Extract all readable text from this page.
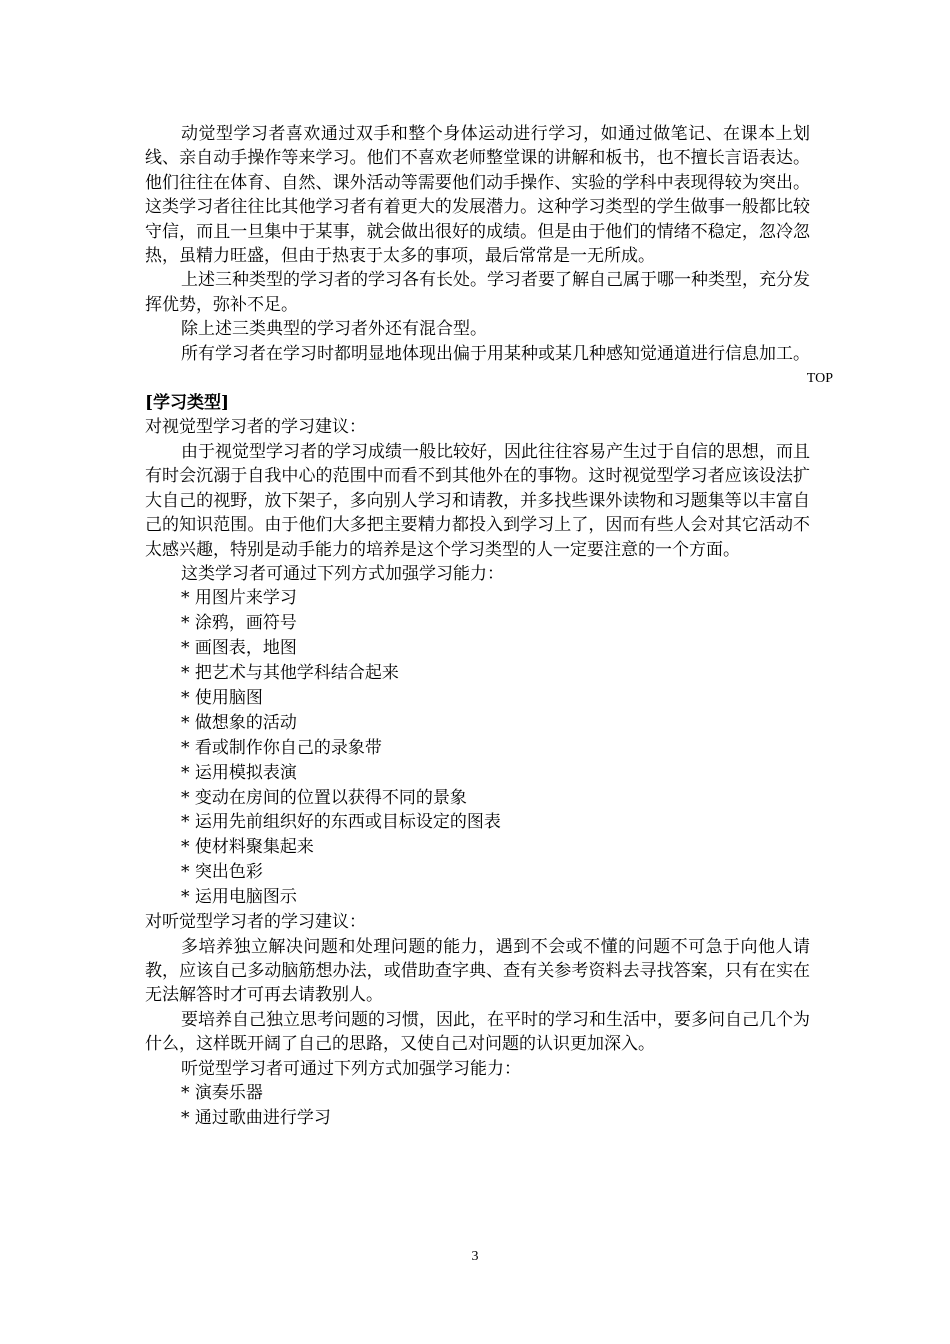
动觉型学习者喜欢通过双手和整个身体运动进行学习，如通过做笔记、在课本上划线、亲自动手操作等来学习。他们不喜欢老师整堂课的讲解和板书，也不擅长言语表达。他们往往在体育、自然、课外活动等需要他们动手操作、实验的学科中表现得较为突出。这类学习者往往比其他学习者有着更大的发展潜力。这种学习类型的学生做事一般都比较守信，而且一旦集中于某事，就会做出很好的成绩。但是由于他们的情绪不稳定，忽冷忽热，虽精力旺盛，但由于热衷于太多的事项，最后常常是一无所成。

上述三种类型的学习者的学习各有长处。学习者要了解自己属于哪一种类型，充分发挥优势，弥补不足。

除上述三类典型的学习者外还有混合型。

所有学习者在学习时都明显地体现出偏于用某种或某几种感知觉通道进行信息加工。

TOP

[学习类型]

对视觉型学习者的学习建议：

由于视觉型学习者的学习成绩一般比较好，因此往往容易产生过于自信的思想，而且有时会沉溺于自我中心的范围中而看不到其他外在的事物。这时视觉型学习者应该设法扩大自己的视野，放下架子，多向别人学习和请教，并多找些课外读物和习题集等以丰富自己的知识范围。由于他们大多把主要精力都投入到学习上了，因而有些人会对其它活动不太感兴趣，特别是动手能力的培养是这个学习类型的人一定要注意的一个方面。

这类学习者可通过下列方式加强学习能力：

* 用图片来学习
* 涂鸦，画符号
* 画图表，地图
* 把艺术与其他学科结合起来
* 使用脑图
* 做想象的活动
* 看或制作你自己的录象带
* 运用模拟表演
* 变动在房间的位置以获得不同的景象
* 运用先前组织好的东西或目标设定的图表
* 使材料聚集起来
* 突出色彩
* 运用电脑图示

对听觉型学习者的学习建议：

多培养独立解决问题和处理问题的能力，遇到不会或不懂的问题不可急于向他人请教，应该自己多动脑筋想办法，或借助查字典、查有关参考资料去寻找答案，只有在实在无法解答时才可再去请教别人。

要培养自己独立思考问题的习惯，因此，在平时的学习和生活中，要多问自己几个为什么，这样既开阔了自己的思路，又使自己对问题的认识更加深入。

听觉型学习者可通过下列方式加强学习能力：

* 演奏乐器
* 通过歌曲进行学习
3
